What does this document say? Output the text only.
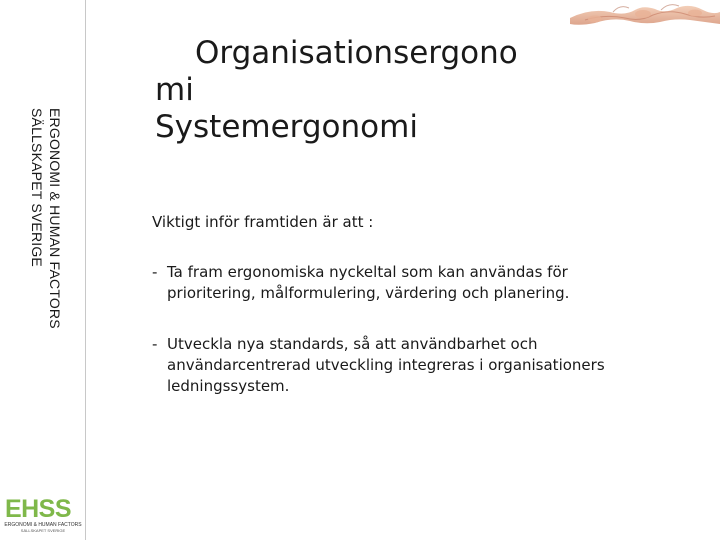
ERGONOMI & HUMAN FACTORS
SÄLLSKAPET SVERIGE
EHSS
ERGONOMI & HUMAN FACTORS
SÄLLSKAPET SVERIGE
Organisationsergono
mi
Systemergonomi
Viktigt inför framtiden är att :
- Ta fram ergonomiska nyckeltal som kan användas för
prioritering, målformulering, värdering och planering.
- Utveckla nya standards, så att användbarhet och
användarcentrerad utveckling integreras i organisationers
ledningssystem.
